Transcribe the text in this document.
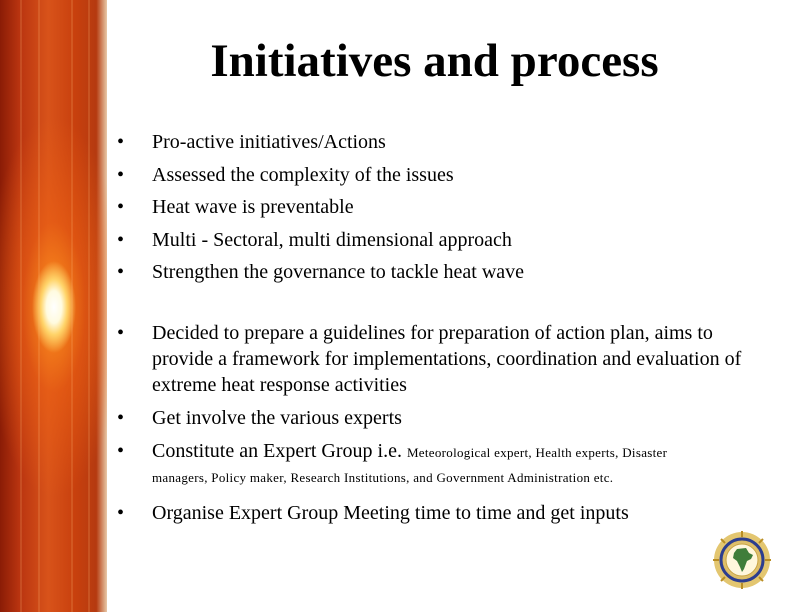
Initiatives and process
•	Pro-active initiatives/Actions
•	Assessed the complexity of the issues
•	Heat wave is preventable
•	Multi - Sectoral, multi dimensional approach
•	Strengthen the governance to tackle heat wave
•	Decided to prepare a guidelines for preparation of action plan, aims to provide a framework for implementations, coordination and evaluation of extreme heat response activities
•	Get involve the various experts
•	Constitute an Expert Group i.e. Meteorological expert, Health experts, Disaster
managers, Policy maker, Research Institutions, and Government Administration etc.
•	Organise Expert Group Meeting time to time and get inputs
